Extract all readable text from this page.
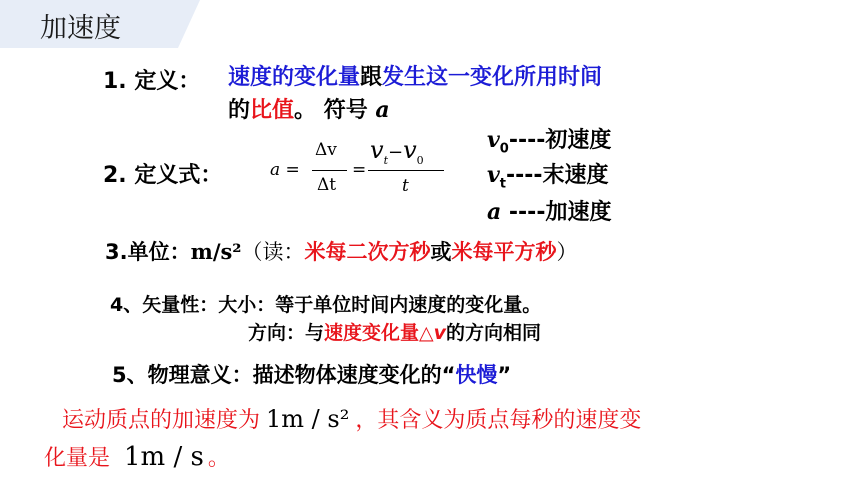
加速度
1. 定义： 速度的变化量跟发生这一变化所用时间
的比值。 符号 a
2. 定义式：	a =
Δv
Δt
=
$v_t-v_0$
t
$v_0----$初速度
$v_t----$末速度
a ----加速度
3.单位：m/s²（读：米每二次方秒或米每平方秒）
4、矢量性：大小：等于单位时间内速度的变化量。
方向：与速度变化量△v的方向相同
5、物理意义：描述物体速度变化的“快慢”
运动质点的加速度为 1m / s² ，其含义为质点每秒的速度变
化量是 1m / s 。
